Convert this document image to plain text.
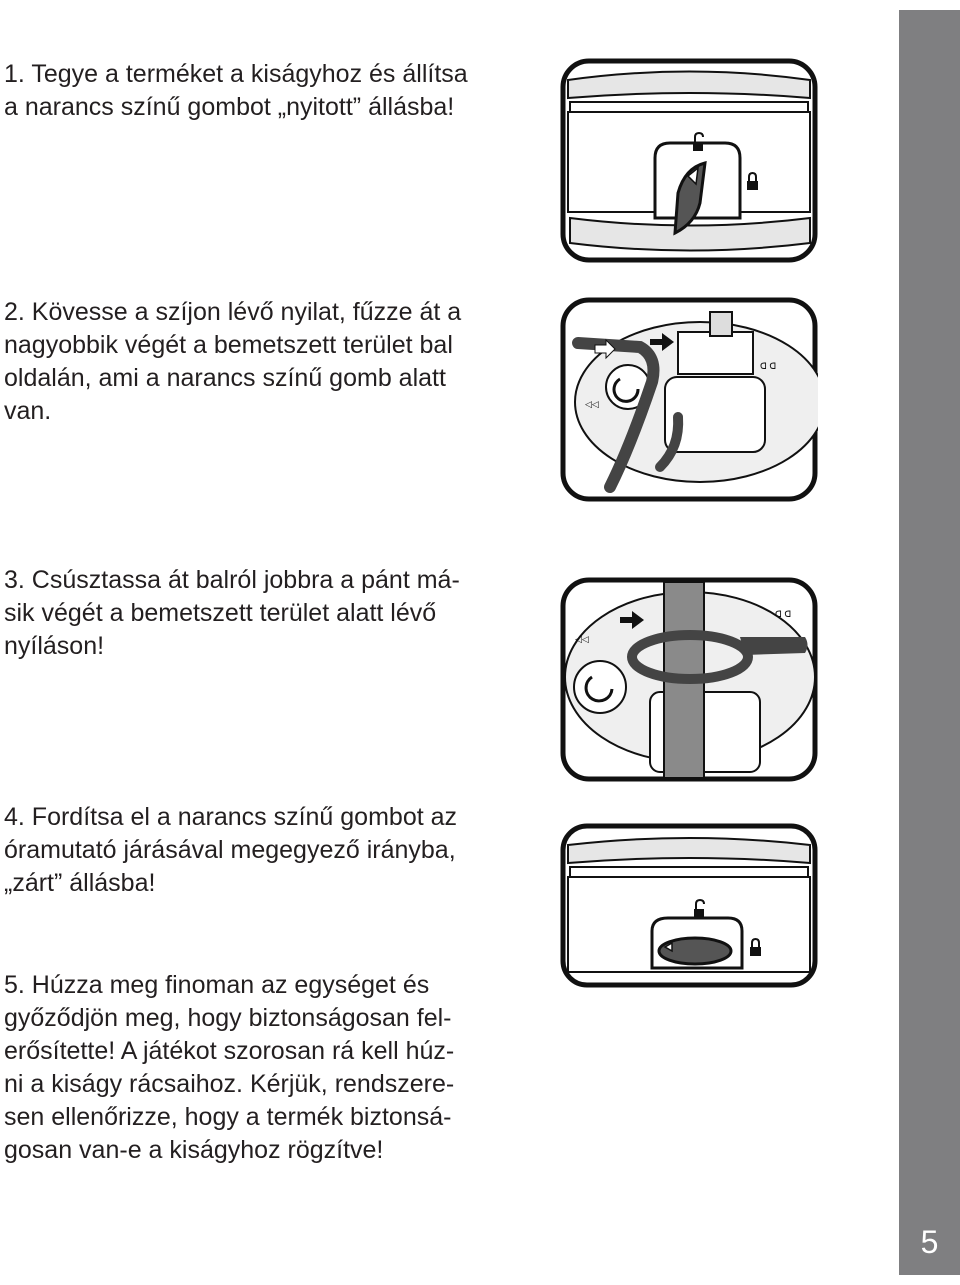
1. Tegye a terméket a kiságyhoz és állítsa
a narancs színű gombot „nyitott” állásba!

2. Kövesse a szíjon lévő nyilat, fűzze át a
nagyobbik végét a bemetszett terület bal
oldalán, ami a narancs színű gomb alatt
van.

3. Csúsztassa át balról jobbra a pánt má-
sik végét a bemetszett terület alatt lévő
nyíláson!

4. Fordítsa el a narancs színű gombot az
óramutató járásával megegyező irányba,
„zárt” állásba!

5. Húzza meg finoman az egységet és
győződjön meg, hogy biztonságosan fel-
erősítette! A játékot szorosan rá kell húz-
ni a kiságy rácsaihoz. Kérjük, rendszere-
sen ellenőrizze, hogy a termék biztonsá-
gosan van-e a kiságyhoz rögzítve!

ᗡ ᗡ
◁◁
◁◁
ᗡ ᗡ
5
